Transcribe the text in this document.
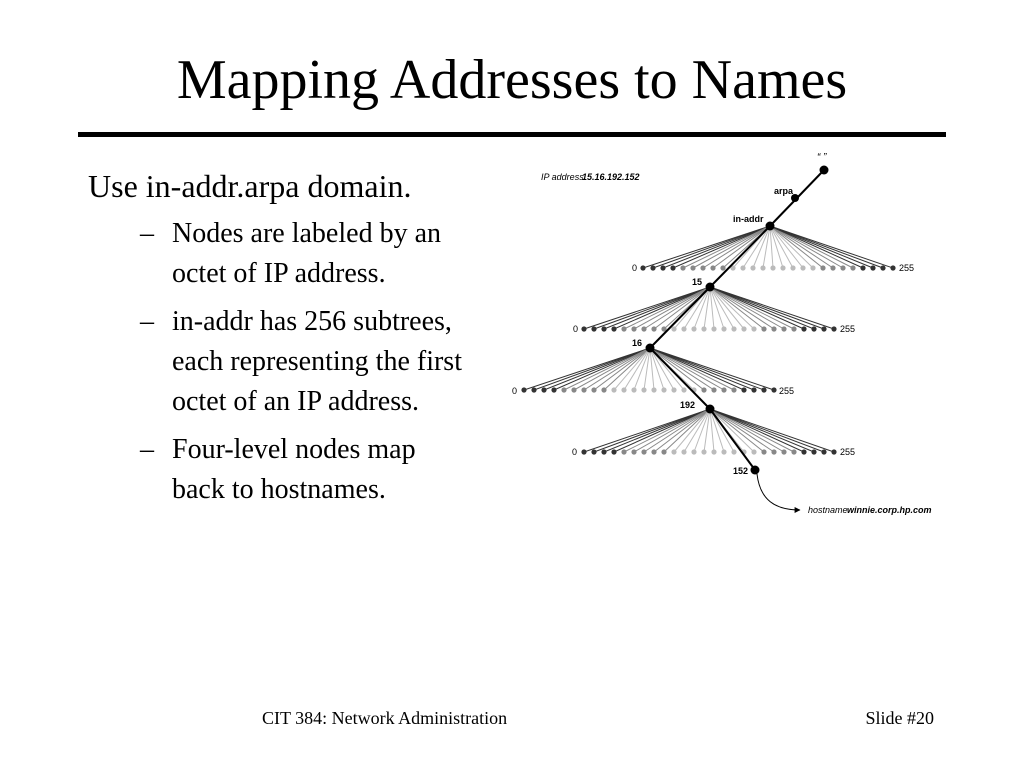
Mapping Addresses to Names
Use in-addr.arpa domain.
– Nodes are labeled by an octet of IP address.
– in-addr has 256 subtrees, each representing the first octet of an IP address.
– Four-level nodes map back to hostnames.
“ ”
IP address
15.16.192.152
arpa
in-addr
15
16
192
152
0	255
0	255
0	255
0	255
hostname winnie.corp.hp.com
CIT 384: Network Administration	Slide #20
